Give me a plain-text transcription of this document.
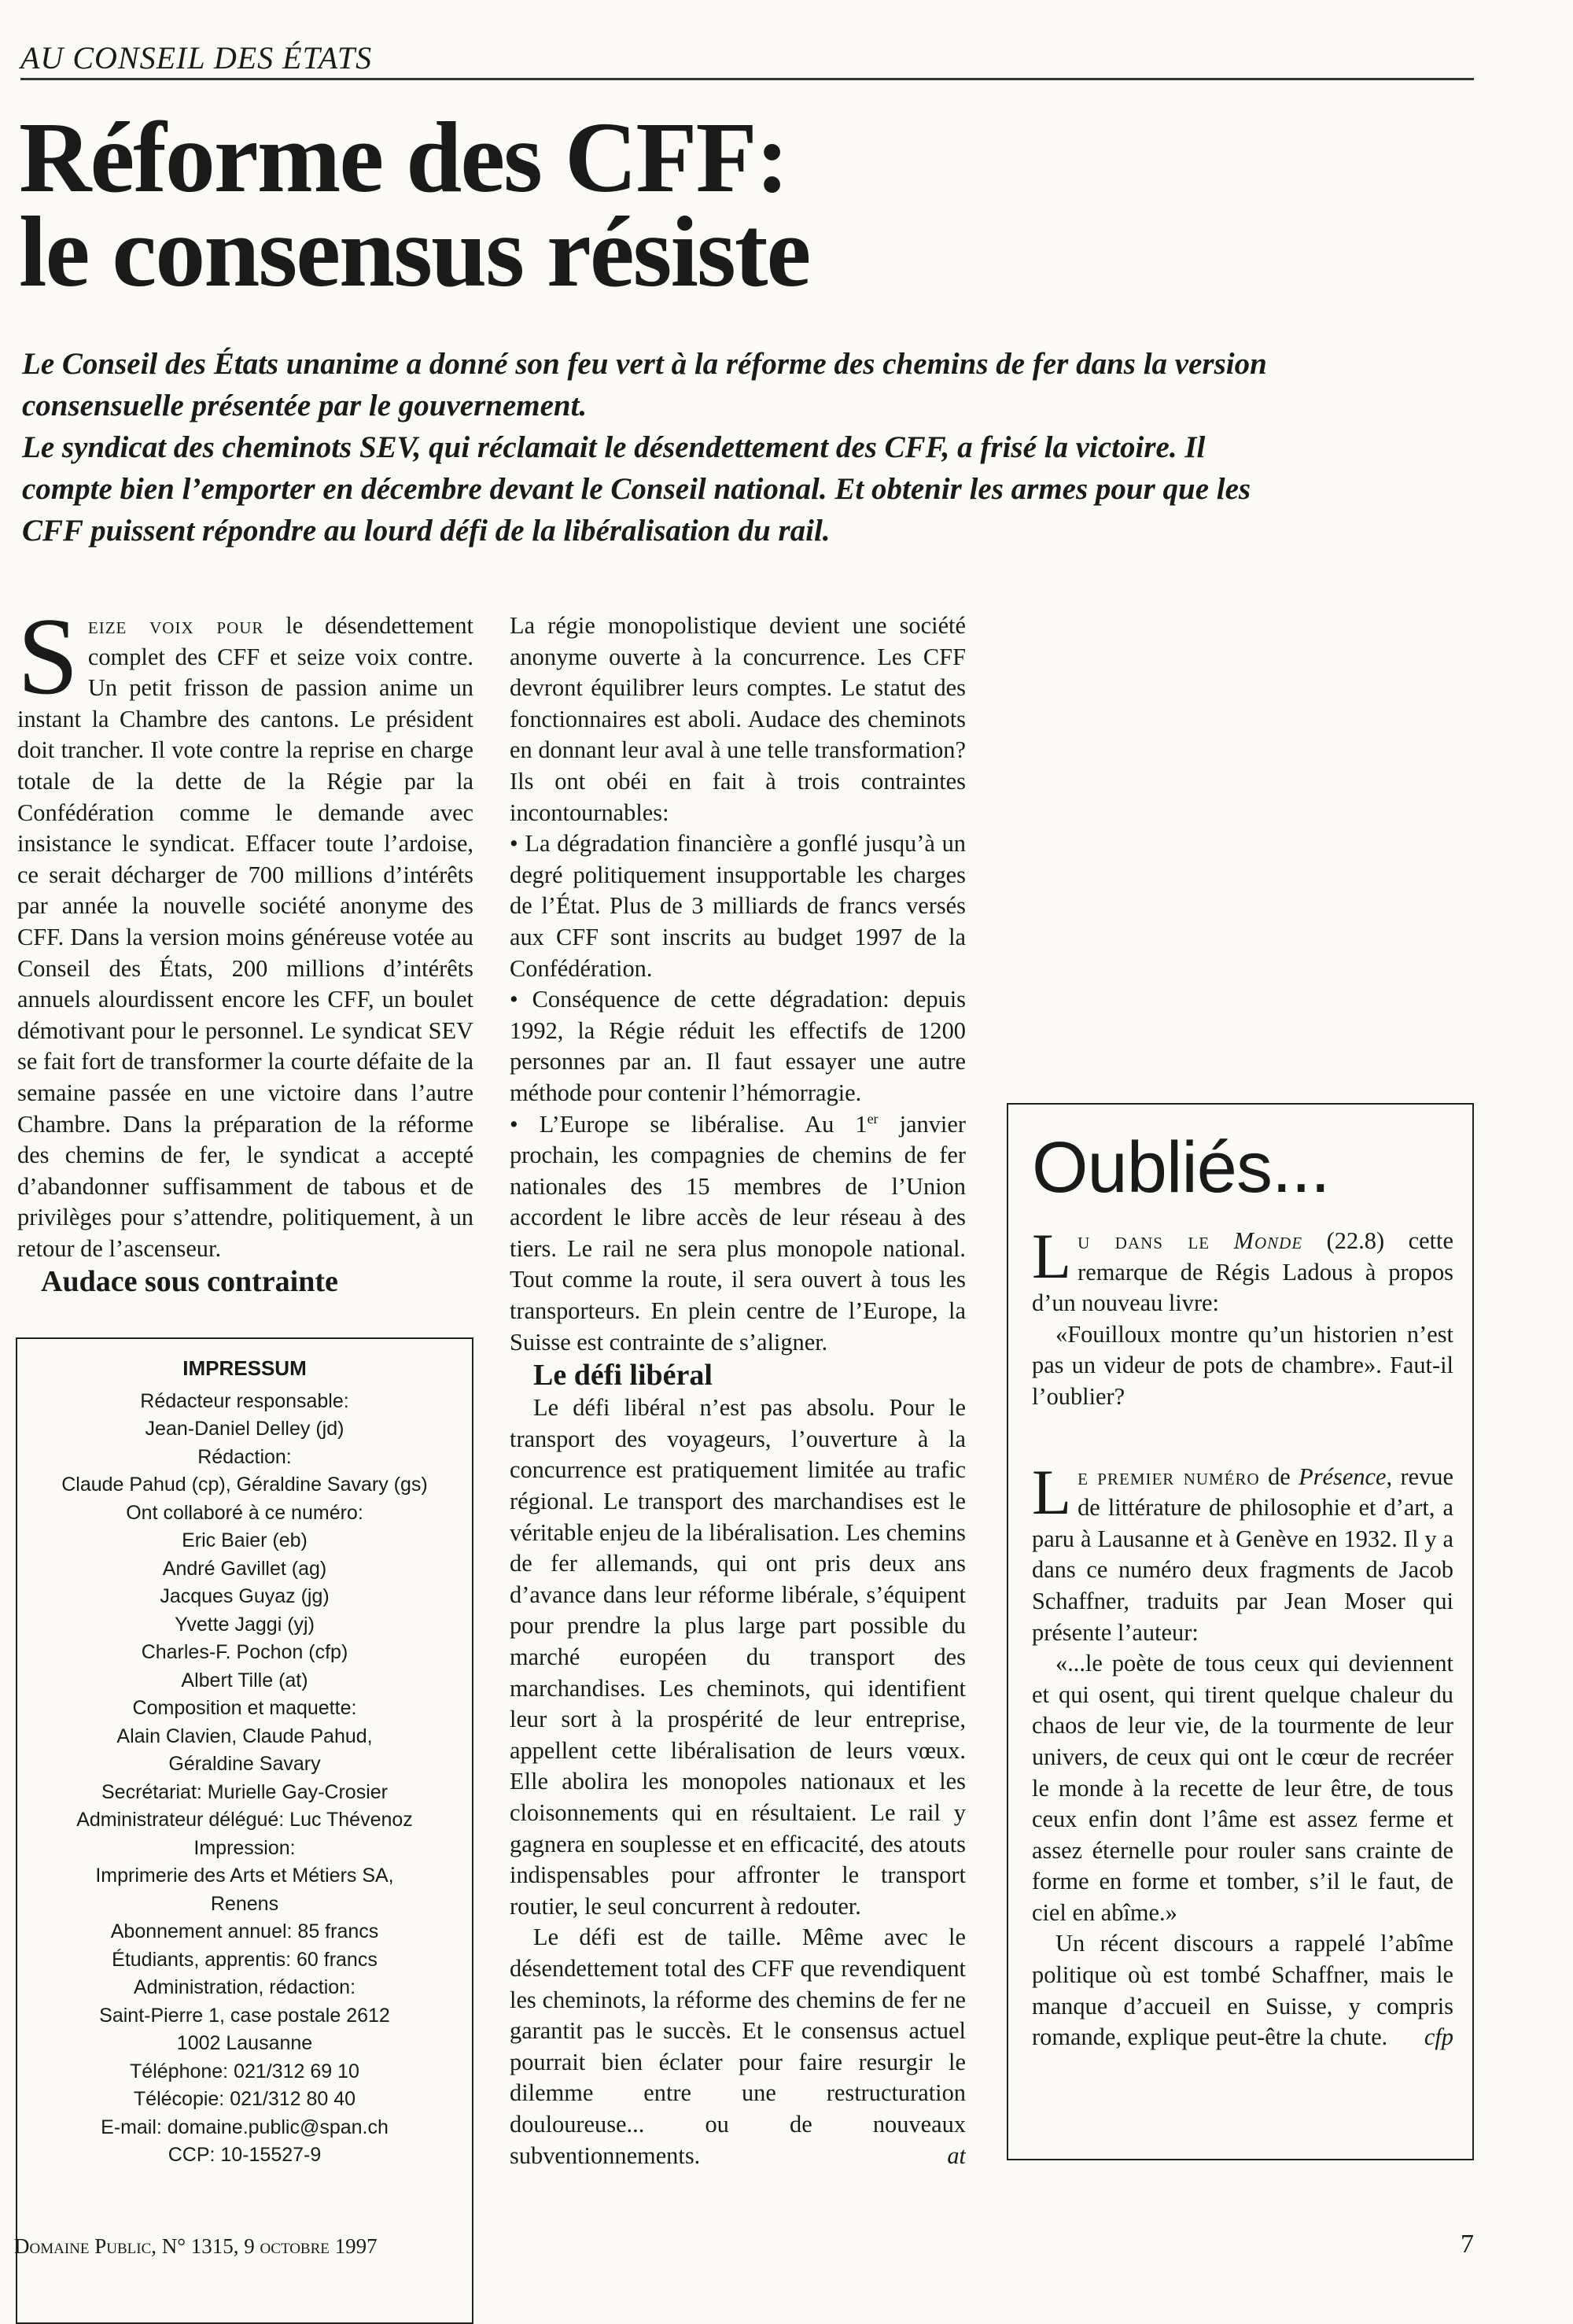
AU CONSEIL DES ÉTATS
Réforme des CFF:
le consensus résiste

Le Conseil des États unanime a donné son feu vert à la réforme des chemins de fer dans la version consensuelle présentée par le gouvernement.

Le syndicat des cheminots SEV, qui réclamait le désendettement des CFF, a frisé la victoire. Il compte bien l’emporter en décembre devant le Conseil national. Et obtenir les armes pour que les CFF puissent répondre au lourd défi de la libéralisation du rail.

Seize voix pour le désendettement complet des CFF et seize voix contre. Un petit frisson de passion anime un instant la Chambre des cantons. Le président doit trancher. Il vote contre la reprise en charge totale de la dette de la Régie par la Confédération comme le demande avec insistance le syndicat. Effacer toute l’ardoise, ce serait décharger de 700 millions d’intérêts par année la nouvelle société anonyme des CFF. Dans la version moins généreuse votée au Conseil des États, 200 millions d’intérêts annuels alourdissent encore les CFF, un boulet démotivant pour le personnel. Le syndicat SEV se fait fort de transformer la courte défaite de la semaine passée en une victoire dans l’autre Chambre. Dans la préparation de la réforme des chemins de fer, le syndicat a accepté d’abandonner suffisamment de tabous et de privilèges pour s’attendre, politiquement, à un retour de l’ascenseur.

Audace sous contrainte

La régie monopolistique devient une société anonyme ouverte à la concurrence. Les CFF devront équilibrer leurs comptes. Le statut des fonctionnaires est aboli. Audace des cheminots en donnant leur aval à une telle transformation? Ils ont obéi en fait à trois contraintes incontournables:

• La dégradation financière a gonflé jusqu’à un degré politiquement insupportable les charges de l’État. Plus de 3 milliards de francs versés aux CFF sont inscrits au budget 1997 de la Confédération.

• Conséquence de cette dégradation: depuis 1992, la Régie réduit les effectifs de 1200 personnes par an. Il faut essayer une autre méthode pour contenir l’hémorragie.

• L’Europe se libéralise. Au 1er janvier prochain, les compagnies de chemins de fer nationales des 15 membres de l’Union accordent le libre accès de leur réseau à des tiers. Le rail ne sera plus monopole national. Tout comme la route, il sera ouvert à tous les transporteurs. En plein centre de l’Europe, la Suisse est contrainte de s’aligner.

Le défi libéral

Le défi libéral n’est pas absolu. Pour le transport des voyageurs, l’ouverture à la concurrence est pratiquement limitée au trafic régional. Le transport des marchandises est le véritable enjeu de la libéralisation. Les chemins de fer allemands, qui ont pris deux ans d’avance dans leur réforme libérale, s’équipent pour prendre la plus large part possible du marché européen du transport des marchandises. Les cheminots, qui identifient leur sort à la prospérité de leur entreprise, appellent cette libéralisation de leurs vœux. Elle abolira les monopoles nationaux et les cloisonnements qui en résultaient. Le rail y gagnera en souplesse et en efficacité, des atouts indispensables pour affronter le transport routier, le seul concurrent à redouter.

Le défi est de taille. Même avec le désendettement total des CFF que revendiquent les cheminots, la réforme des chemins de fer ne garantit pas le succès. Et le consensus actuel pourrait bien éclater pour faire resurgir le dilemme entre une restructuration douloureuse... ou de nouveaux subventionnements.	at

IMPRESSUM
Rédacteur responsable:
Jean-Daniel Delley (jd)
Rédaction:
Claude Pahud (cp), Géraldine Savary (gs)
Ont collaboré à ce numéro:
Eric Baier (eb)
André Gavillet (ag)
Jacques Guyaz (jg)
Yvette Jaggi (yj)
Charles-F. Pochon (cfp)
Albert Tille (at)
Composition et maquette:
Alain Clavien, Claude Pahud,
Géraldine Savary
Secrétariat: Murielle Gay-Crosier
Administrateur délégué: Luc Thévenoz
Impression:
Imprimerie des Arts et Métiers SA,
Renens
Abonnement annuel: 85 francs
Étudiants, apprentis: 60 francs
Administration, rédaction:
Saint-Pierre 1, case postale 2612
1002 Lausanne
Téléphone: 021/312 69 10
Télécopie: 021/312 80 40
E-mail: domaine.public@span.ch
CCP: 10-15527-9
Oubliés...

Lu dans le Monde (22.8) cette remarque de Régis Ladous à propos d’un nouveau livre:

«Fouilloux montre qu’un historien n’est pas un videur de pots de chambre». Faut-il l’oublier?

Le premier numéro de Présence, revue de littérature de philosophie et d’art, a paru à Lausanne et à Genève en 1932. Il y a dans ce numéro deux fragments de Jacob Schaffner, traduits par Jean Moser qui présente l’auteur:

«...le poète de tous ceux qui deviennent et qui osent, qui tirent quelque chaleur du chaos de leur vie, de la tourmente de leur univers, de ceux qui ont le cœur de recréer le monde à la recette de leur être, de tous ceux enfin dont l’âme est assez ferme et assez éternelle pour rouler sans crainte de forme en forme et tomber, s’il le faut, de ciel en abîme.»

Un récent discours a rappelé l’abîme politique où est tombé Schaffner, mais le manque d’accueil en Suisse, y compris romande, explique peut-être la chute.	cfp

Domaine Public, N° 1315, 9 octobre 1997	7
